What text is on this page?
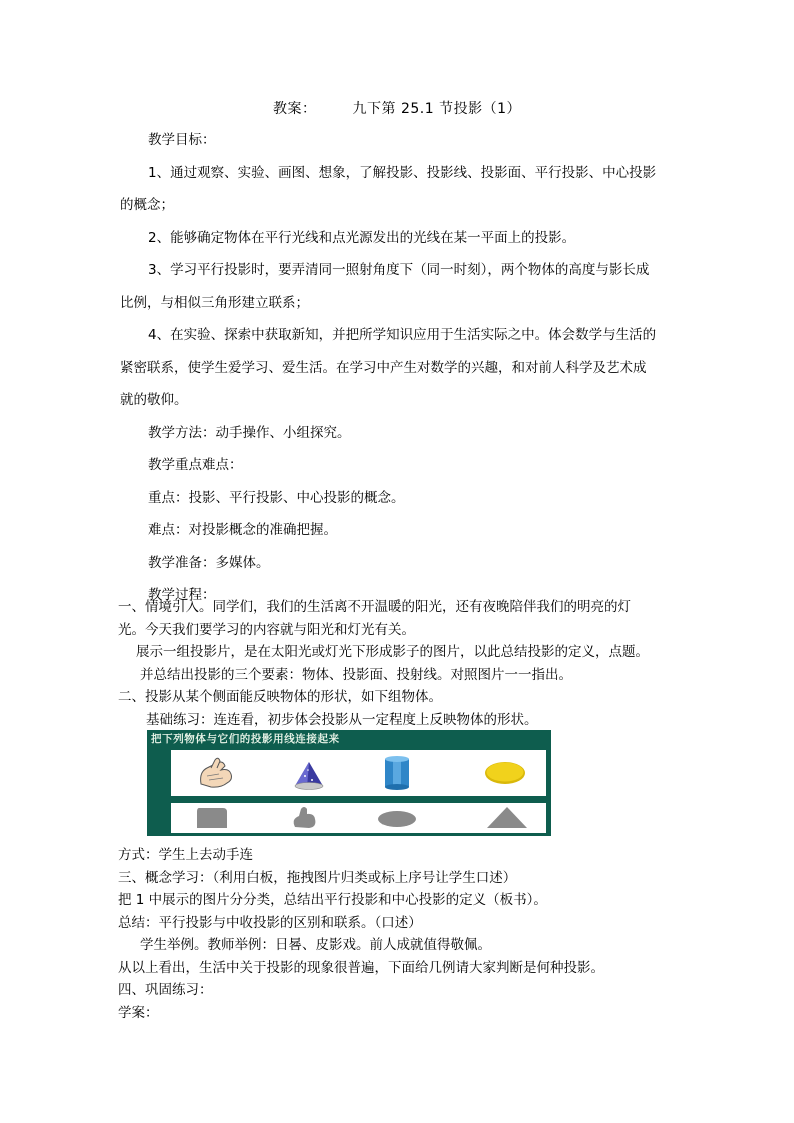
教案：	九下第 25.1 节投影（1）
教学目标：
1、通过观察、实验、画图、想象，了解投影、投影线、投影面、平行投影、中心投影
的概念；
2、能够确定物体在平行光线和点光源发出的光线在某一平面上的投影。
3、学习平行投影时，要弄清同一照射角度下（同一时刻），两个物体的高度与影长成
比例，与相似三角形建立联系；
4、在实验、探索中获取新知，并把所学知识应用于生活实际之中。体会数学与生活的
紧密联系，使学生爱学习、爱生活。在学习中产生对数学的兴趣，和对前人科学及艺术成
就的敬仰。
教学方法：动手操作、小组探究。
教学重点难点：
重点：投影、平行投影、中心投影的概念。
难点：对投影概念的准确把握。
教学准备：多媒体。
教学过程：
一、情境引入。同学们，我们的生活离不开温暖的阳光，还有夜晚陪伴我们的明亮的灯
光。今天我们要学习的内容就与阳光和灯光有关。
展示一组投影片，是在太阳光或灯光下形成影子的图片，以此总结投影的定义，点题。
并总结出投影的三个要素：物体、投影面、投射线。对照图片一一指出。
二、投影从某个侧面能反映物体的形状，如下组物体。
基础练习：连连看，初步体会投影从一定程度上反映物体的形状。
把下列物体与它们的投影用线连接起来
方式：学生上去动手连
三、概念学习：（利用白板，拖拽图片归类或标上序号让学生口述）
把 1 中展示的图片分分类，总结出平行投影和中心投影的定义（板书）。
总结：平行投影与中收投影的区别和联系。（口述）
学生举例。教师举例：日晷、皮影戏。前人成就值得敬佩。
从以上看出，生活中关于投影的现象很普遍，下面给几例请大家判断是何种投影。
四、巩固练习：
学案：
